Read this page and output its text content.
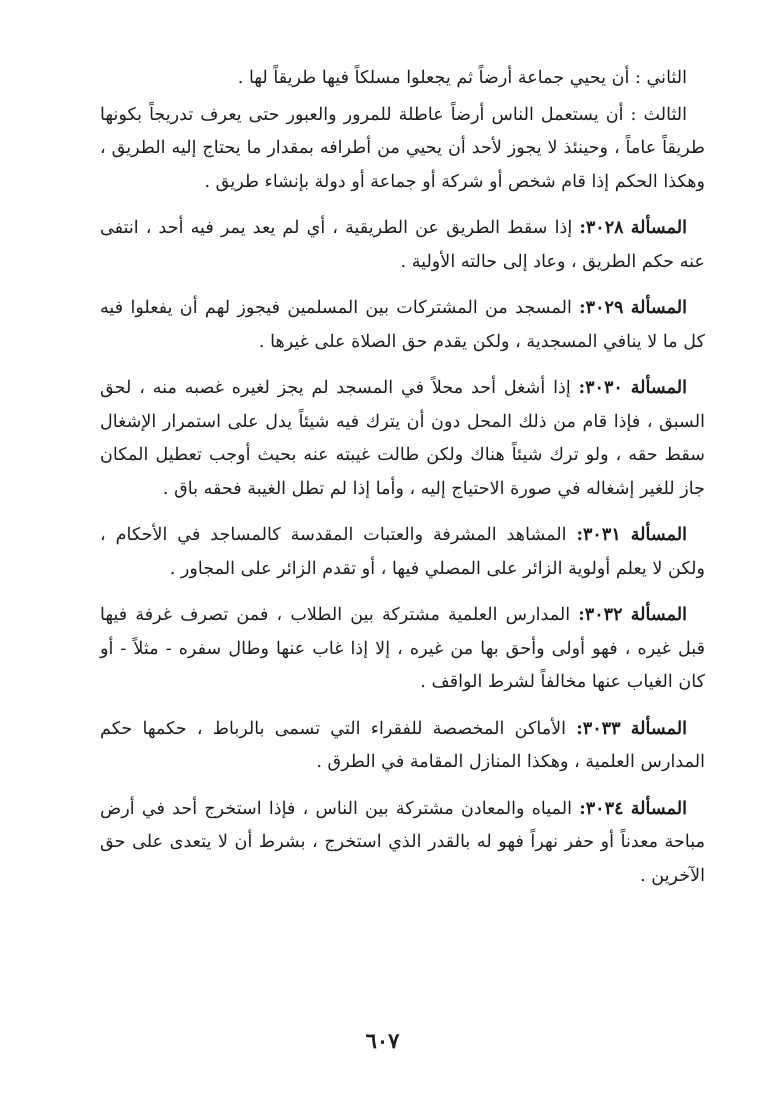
الثاني : أن يحيي جماعة أرضاً ثم يجعلوا مسلكاً فيها طريقاً لها .

الثالث : أن يستعمل الناس أرضاً عاطلة للمرور والعبور حتى يعرف تدريجاً بكونها طريقاً عاماً ، وحينئذ لا يجوز لأحد أن يحيي من أطرافه بمقدار ما يحتاج إليه الطريق ، وهكذا الحكم إذا قام شخص أو شركة أو جماعة أو دولة بإنشاء طريق .

المسألة ٣٠٢٨: إذا سقط الطريق عن الطريقية ، أي لم يعد يمر فيه أحد ، انتفى عنه حكم الطريق ، وعاد إلى حالته الأولية .

المسألة ٣٠٢٩: المسجد من المشتركات بين المسلمين فيجوز لهم أن يفعلوا فيه كل ما لا ينافي المسجدية ، ولكن يقدم حق الصلاة على غيرها .

المسألة ٣٠٣٠: إذا أشغل أحد محلاً في المسجد لم يجز لغيره غصبه منه ، لحق السبق ، فإذا قام من ذلك المحل دون أن يترك فيه شيئاً يدل على استمرار الإشغال سقط حقه ، ولو ترك شيئاً هناك ولكن طالت غيبته عنه بحيث أوجب تعطيل المكان جاز للغير إشغاله في صورة الاحتياج إليه ، وأما إذا لم تطل الغيبة فحقه باق .

المسألة ٣٠٣١: المشاهد المشرفة والعتبات المقدسة كالمساجد في الأحكام ، ولكن لا يعلم أولوية الزائر على المصلي فيها ، أو تقدم الزائر على المجاور .

المسألة ٣٠٣٢: المدارس العلمية مشتركة بين الطلاب ، فمن تصرف غرفة فيها قبل غيره ، فهو أولى وأحق بها من غيره ، إلا إذا غاب عنها وطال سفره - مثلاً - أو كان الغياب عنها مخالفاً لشرط الواقف .

المسألة ٣٠٣٣: الأماكن المخصصة للفقراء التي تسمى بالرباط ، حكمها حكم المدارس العلمية ، وهكذا المنازل المقامة في الطرق .

المسألة ٣٠٣٤: المياه والمعادن مشتركة بين الناس ، فإذا استخرج أحد في أرض مباحة معدناً أو حفر نهراً فهو له بالقدر الذي استخرج ، بشرط أن لا يتعدى على حق الآخرين .

٦٠٧
